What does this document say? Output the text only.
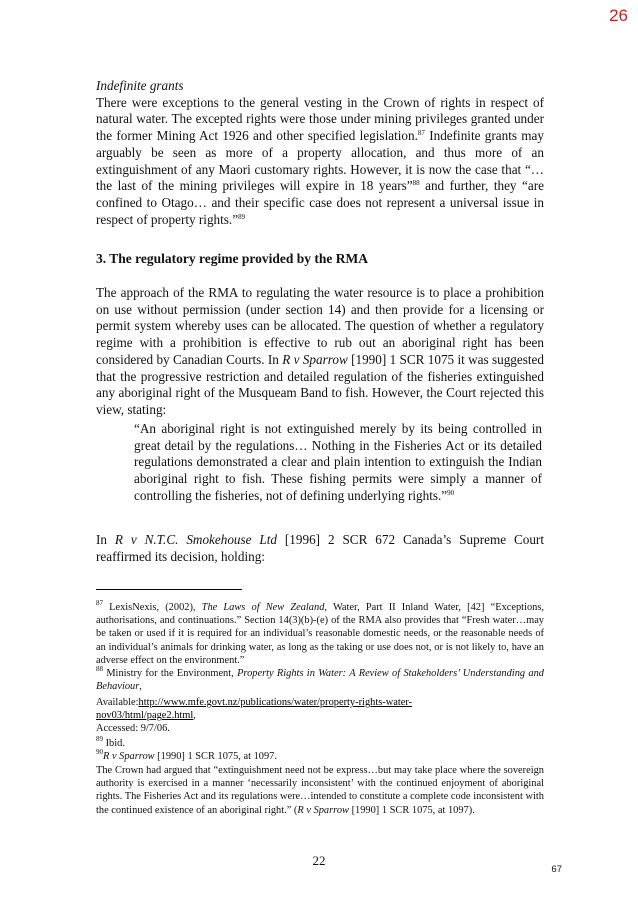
26
Indefinite grants

There were exceptions to the general vesting in the Crown of rights in respect of natural water. The excepted rights were those under mining privileges granted under the former Mining Act 1926 and other specified legislation.$^{87}$ Indefinite grants may arguably be seen as more of a property allocation, and thus more of an extinguishment of any Maori customary rights. However, it is now the case that “…the last of the mining privileges will expire in 18 years”$^{88}$ and further, they “are confined to Otago… and their specific case does not represent a universal issue in respect of property rights.”$^{89}$

3. The regulatory regime provided by the RMA

The approach of the RMA to regulating the water resource is to place a prohibition on use without permission (under section 14) and then provide for a licensing or permit system whereby uses can be allocated. The question of whether a regulatory regime with a prohibition is effective to rub out an aboriginal right has been considered by Canadian Courts. In R v Sparrow [1990] 1 SCR 1075 it was suggested that the progressive restriction and detailed regulation of the fisheries extinguished any aboriginal right of the Musqueam Band to fish. However, the Court rejected this view, stating:

“An aboriginal right is not extinguished merely by its being controlled in great detail by the regulations… Nothing in the Fisheries Act or its detailed regulations demonstrated a clear and plain intention to extinguish the Indian aboriginal right to fish. These fishing permits were simply a manner of controlling the fisheries, not of defining underlying rights.”$^{90}$

In R v N.T.C. Smokehouse Ltd [1996] 2 SCR 672 Canada’s Supreme Court reaffirmed its decision, holding:

$^{87}$ LexisNexis, (2002), The Laws of New Zealand, Water, Part II Inland Water, [42] “Exceptions, authorisations, and continuations.” Section 14(3)(b)-(e) of the RMA also provides that “Fresh water…may be taken or used if it is required for an individual’s reasonable domestic needs, or the reasonable needs of an individual’s animals for drinking water, as long as the taking or use does not, or is not likely to, have an adverse effect on the environment.”

$^{88}$ Ministry for the Environment, Property Rights in Water: A Review of Stakeholders’ Understanding and Behaviour,

Available:http://www.mfe.govt.nz/publications/water/property-rights-water-
nov03/html/page2.html,
Accessed: 9/7/06.

$^{89}$ Ibid.

$^{90}$R v Sparrow [1990] 1 SCR 1075, at 1097.

The Crown had argued that “extinguishment need not be express…but may take place where the sovereign authority is exercised in a manner ‘necessarily inconsistent’ with the continued enjoyment of aboriginal rights. The Fisheries Act and its regulations were…intended to constitute a complete code inconsistent with the continued existence of an aboriginal right.” (R v Sparrow [1990] 1 SCR 1075, at 1097).

22
67
